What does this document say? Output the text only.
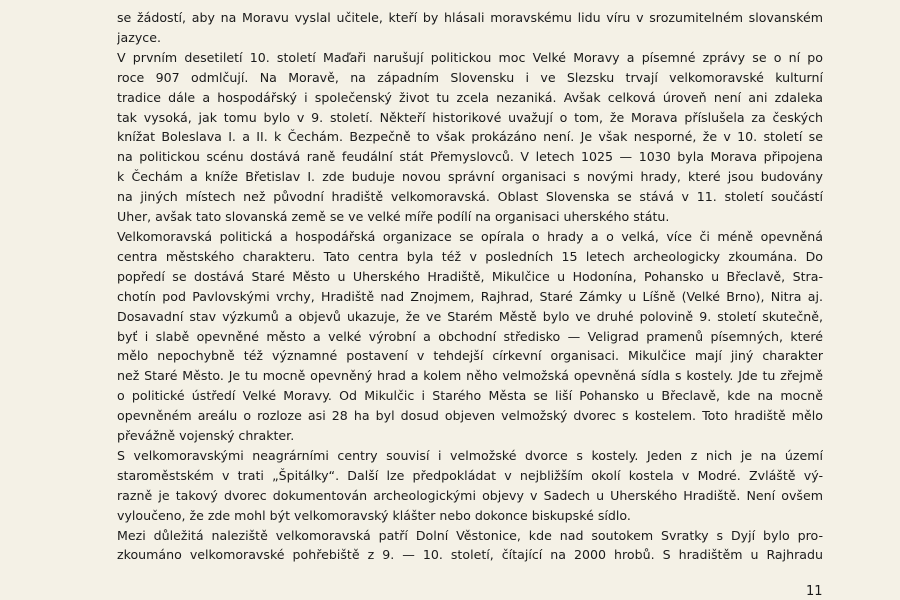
se žádostí, aby na Moravu vyslal učitele, kteří by hlásali moravskému lidu víru v srozumitelném slovanském
jazyce.

V prvním desetiletí 10. století Maďaři narušují politickou moc Velké Moravy a písemné zprávy se o ní po
roce 907 odmlčují. Na Moravě, na západním Slovensku i ve Slezsku trvají velkomoravské kulturní
tradice dále a hospodářský i společenský život tu zcela nezaniká. Avšak celková úroveň není ani zdaleka
tak vysoká, jak tomu bylo v 9. století. Někteří historikové uvažují o tom, že Morava příslušela za českých
knížat Boleslava I. a II. k Čechám. Bezpečně to však prokázáno není. Je však nesporné, že v 10. století se
na politickou scénu dostává raně feudální stát Přemyslovců. V letech 1025 — 1030 byla Morava připojena
k Čechám a kníže Břetislav I. zde buduje novou správní organisaci s novými hrady, které jsou budovány
na jiných místech než původní hradiště velkomoravská. Oblast Slovenska se stává v 11. století součástí
Uher, avšak tato slovanská země se ve velké míře podílí na organisaci uherského státu.

Velkomoravská politická a hospodářská organizace se opírala o hrady a o velká, více či méně opevněná
centra městského charakteru. Tato centra byla též v posledních 15 letech archeologicky zkoumána. Do
popředí se dostává Staré Město u Uherského Hradiště, Mikulčice u Hodonína, Pohansko u Břeclavě, Stra-
chotín pod Pavlovskými vrchy, Hradiště nad Znojmem, Rajhrad, Staré Zámky u Líšně (Velké Brno), Nitra aj.
Dosavadní stav výzkumů a objevů ukazuje, že ve Starém Městě bylo ve druhé polovině 9. století skutečně,
byť i slabě opevněné město a velké výrobní a obchodní středisko — Veligrad pramenů písemných, které
mělo nepochybně též významné postavení v tehdejší církevní organisaci. Mikulčice mají jiný charakter
než Staré Město. Je tu mocně opevněný hrad a kolem něho velmožská opevněná sídla s kostely. Jde tu zřejmě
o politické ústředí Velké Moravy. Od Mikulčic i Starého Města se liší Pohansko u Břeclavě, kde na mocně
opevněném areálu o rozloze asi 28 ha byl dosud objeven velmožský dvorec s kostelem. Toto hradiště mělo
převážně vojenský chrakter.

S velkomoravskými neagrárními centry souvisí i velmožské dvorce s kostely. Jeden z nich je na území
staroměstském v trati „Špitálky“. Další lze předpokládat v nejbližším okolí kostela v Modré. Zvláště vý-
razně je takový dvorec dokumentován archeologickými objevy v Sadech u Uherského Hradiště. Není ovšem
vyloučeno, že zde mohl být velkomoravský klášter nebo dokonce biskupské sídlo.

Mezi důležitá naleziště velkomoravská patří Dolní Věstonice, kde nad soutokem Svratky s Dyjí bylo pro-
zkoumáno velkomoravské pohřebiště z 9. — 10. století, čítající na 2000 hrobů. S hradištěm u Rajhradu

11
